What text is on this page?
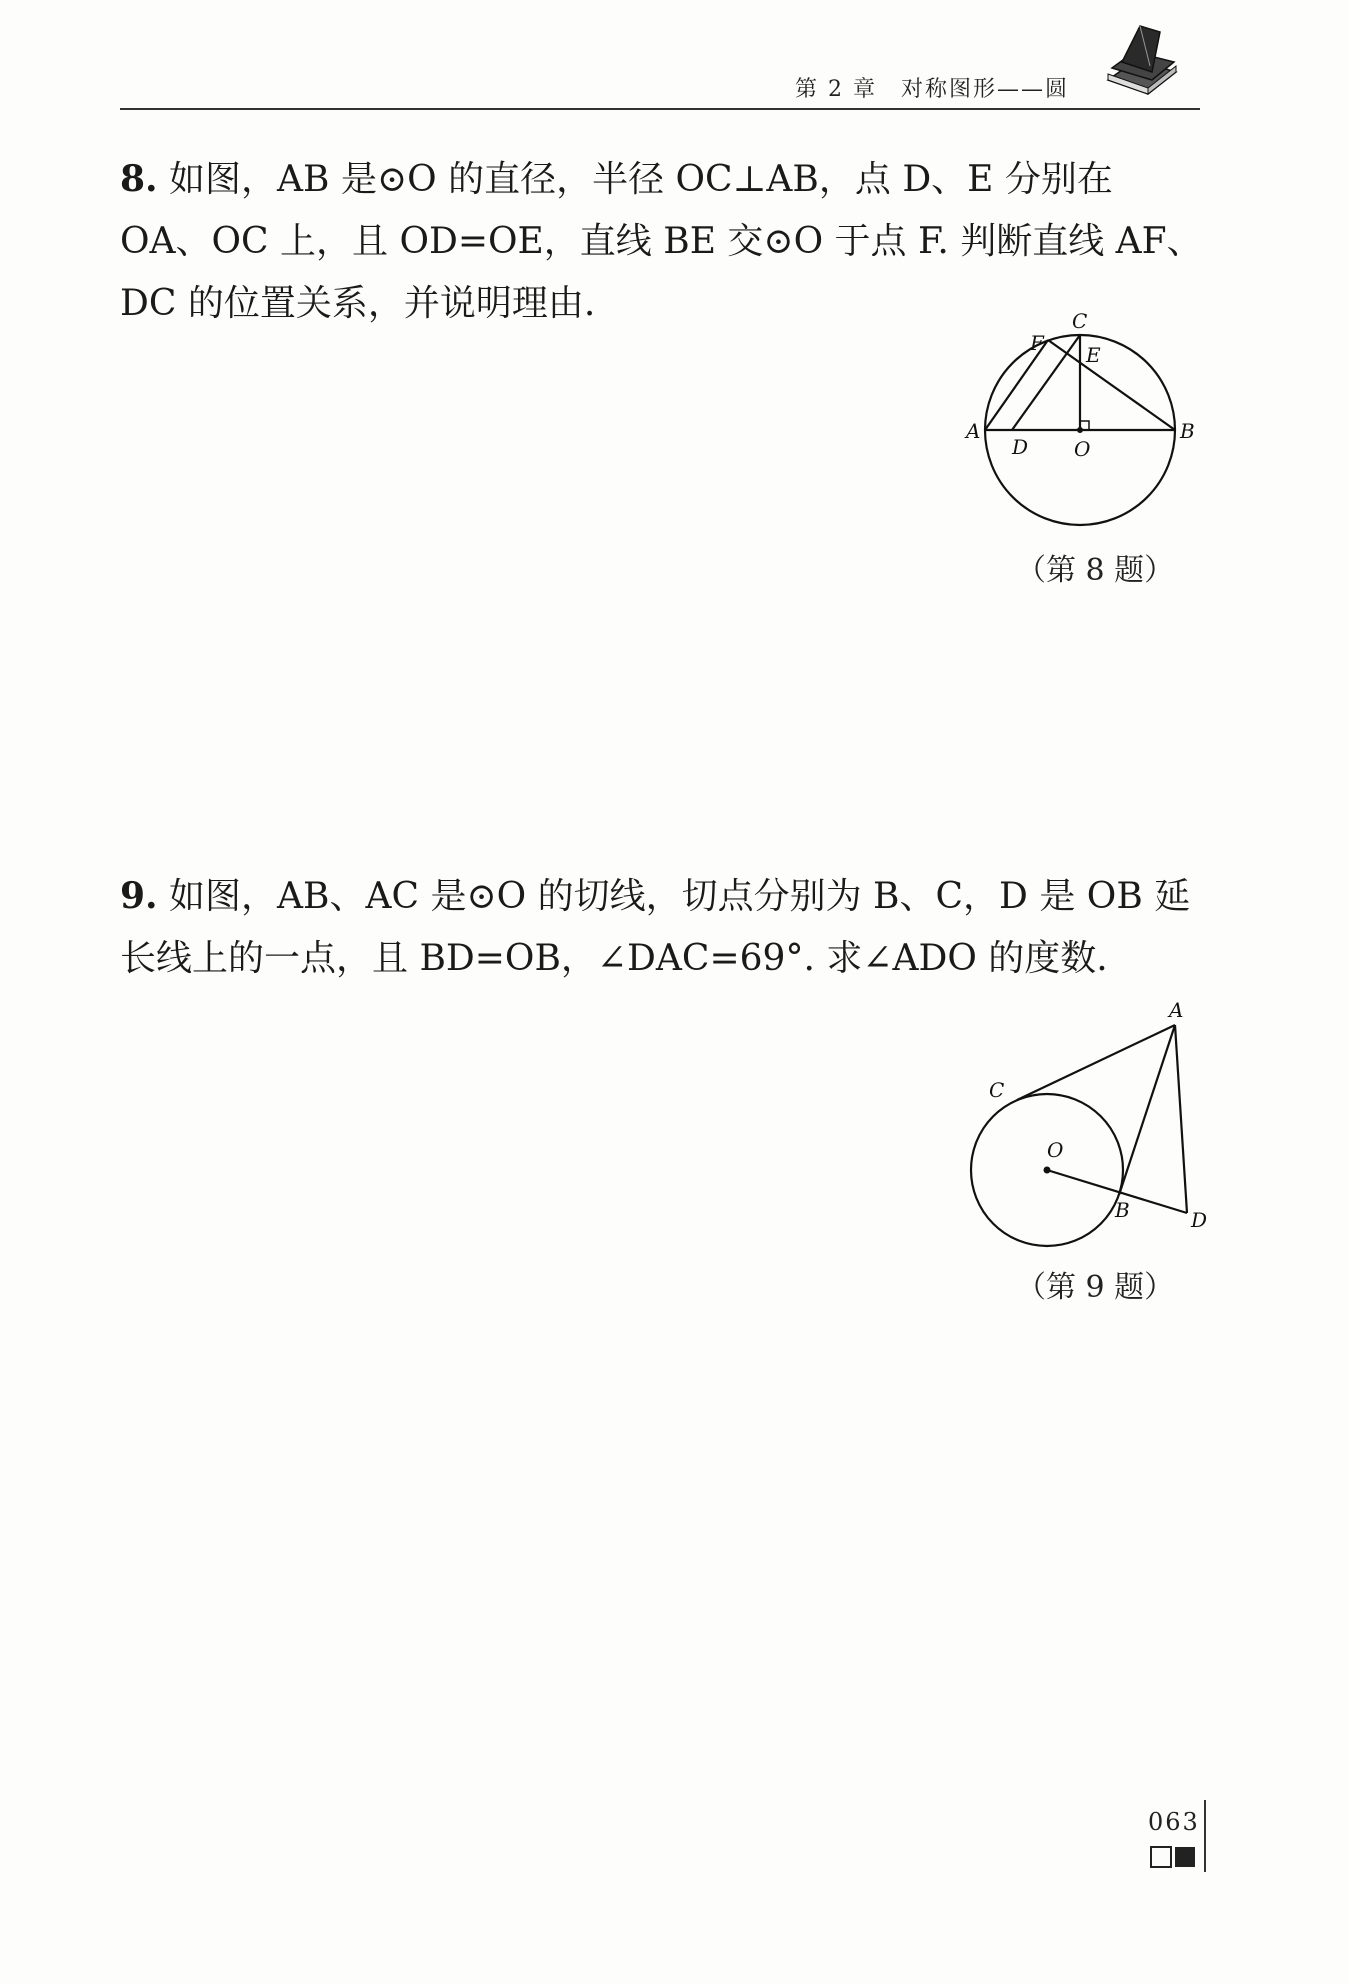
第 2 章　对称图形——圆
8. 如图，AB 是⊙O 的直径，半径 OC⊥AB，点 D、E 分别在 OA、OC 上，且 OD=OE，直线 BE 交⊙O 于点 F. 判断直线 AF、DC 的位置关系，并说明理由.
A	B
C
D
E
F
O
（第 8 题）
9. 如图，AB、AC 是⊙O 的切线，切点分别为 B、C，D 是 OB 延长线上的一点，且 BD=OB，∠DAC=69°. 求∠ADO 的度数.
A
B
C
D
O
（第 9 题）
063
